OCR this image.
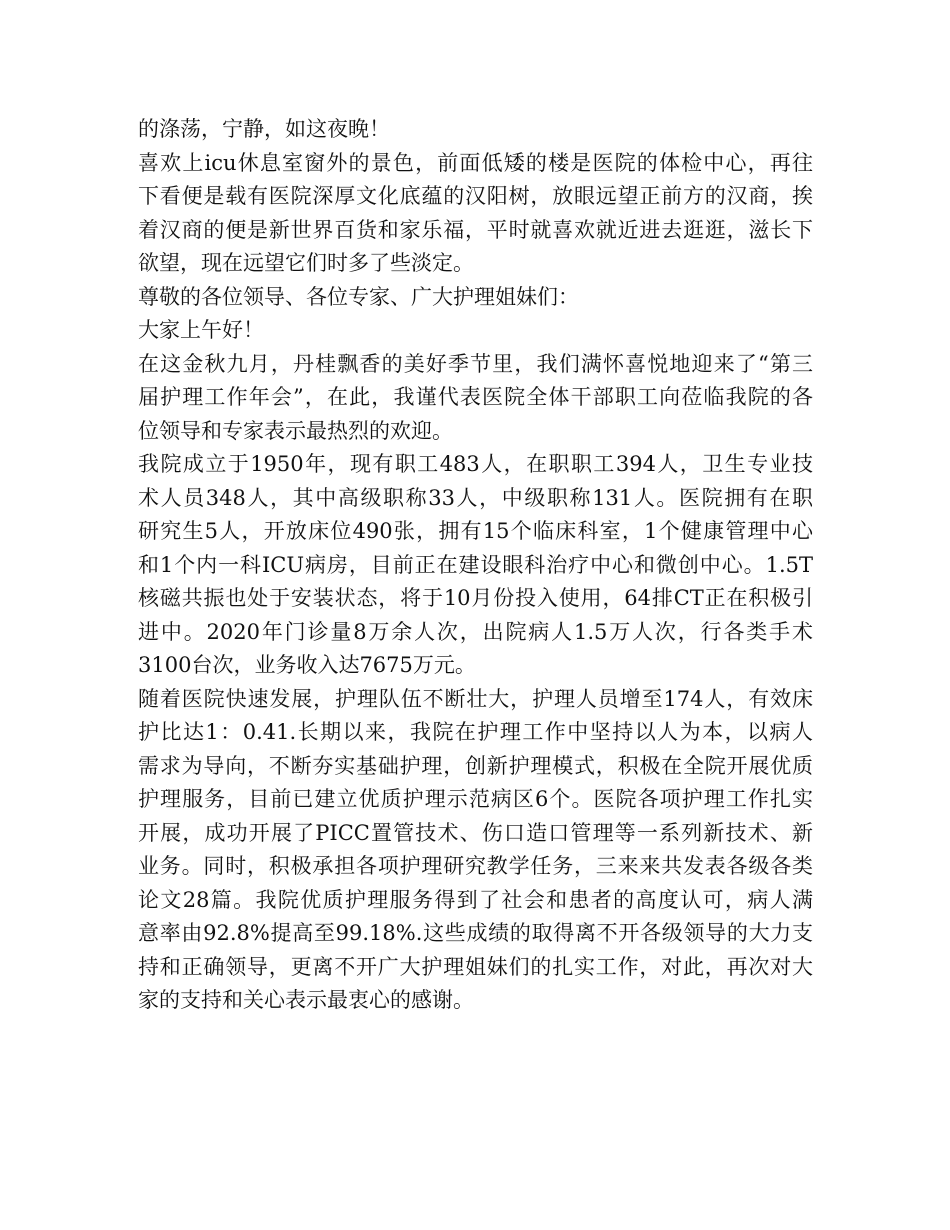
的涤荡，宁静，如这夜晚！
喜欢上icu休息室窗外的景色，前面低矮的楼是医院的体检中心，再往
下看便是载有医院深厚文化底蕴的汉阳树，放眼远望正前方的汉商，挨
着汉商的便是新世界百货和家乐福，平时就喜欢就近进去逛逛，滋长下
欲望，现在远望它们时多了些淡定。
尊敬的各位领导、各位专家、广大护理姐妹们：
大家上午好！
在这金秋九月，丹桂飘香的美好季节里，我们满怀喜悦地迎来了“第三
届护理工作年会”，在此，我谨代表医院全体干部职工向莅临我院的各
位领导和专家表示最热烈的欢迎。
我院成立于1950年，现有职工483人，在职职工394人，卫生专业技
术人员348人，其中高级职称33人，中级职称131人。医院拥有在职
研究生5人，开放床位490张，拥有15个临床科室，1个健康管理中心
和1个内一科ICU病房，目前正在建设眼科治疗中心和微创中心。1.5T
核磁共振也处于安装状态，将于10月份投入使用，64排CT正在积极引
进中。2020年门诊量8万余人次，出院病人1.5万人次，行各类手术
3100台次，业务收入达7675万元。
随着医院快速发展，护理队伍不断壮大，护理人员增至174人，有效床
护比达1：0.41.长期以来，我院在护理工作中坚持以人为本，以病人
需求为导向，不断夯实基础护理，创新护理模式，积极在全院开展优质
护理服务，目前已建立优质护理示范病区6个。医院各项护理工作扎实
开展，成功开展了PICC置管技术、伤口造口管理等一系列新技术、新
业务。同时，积极承担各项护理研究教学任务，三来来共发表各级各类
论文28篇。我院优质护理服务得到了社会和患者的高度认可，病人满
意率由92.8%提高至99.18%.这些成绩的取得离不开各级领导的大力支
持和正确领导，更离不开广大护理姐妹们的扎实工作，对此，再次对大
家的支持和关心表示最衷心的感谢。
